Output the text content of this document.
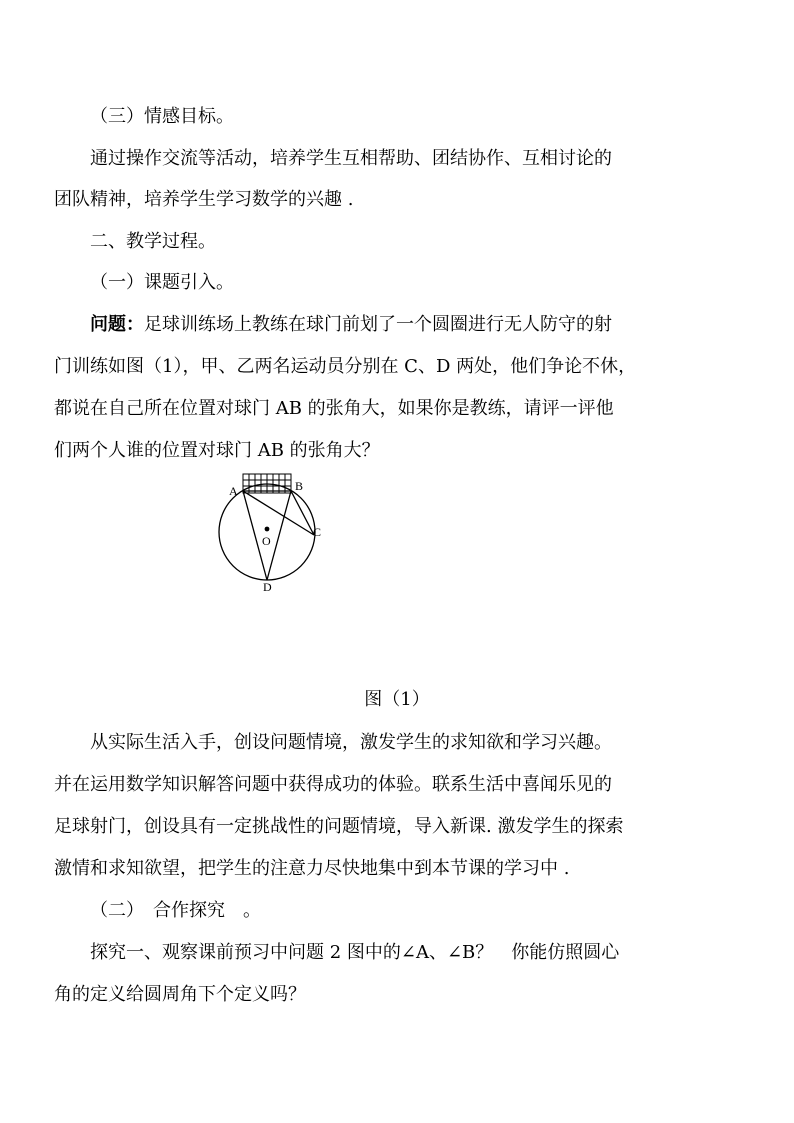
（三）情感目标。
通过操作交流等活动，培养学生互相帮助、团结协作、互相讨论的
团队精神，培养学生学习数学的兴趣 .
二、教学过程。
（一）课题引入。
问题：足球训练场上教练在球门前划了一个圆圈进行无人防守的射
门训练如图（1），甲、乙两名运动员分别在 C、D 两处，他们争论不休，
都说在自己所在位置对球门 AB 的张角大，如果你是教练，请评一评他
们两个人谁的位置对球门 AB 的张角大？
A	B
C
D
O
图（1）
从实际生活入手，创设问题情境，激发学生的求知欲和学习兴趣。
并在运用数学知识解答问题中获得成功的体验。联系生活中喜闻乐见的
足球射门，创设具有一定挑战性的问题情境，导入新课. 激发学生的探索
激情和求知欲望，把学生的注意力尽快地集中到本节课的学习中 .
（二）　合作探究　。
探究一、观察课前预习中问题 2 图中的∠A、∠B？　你能仿照圆心
角的定义给圆周角下个定义吗？
